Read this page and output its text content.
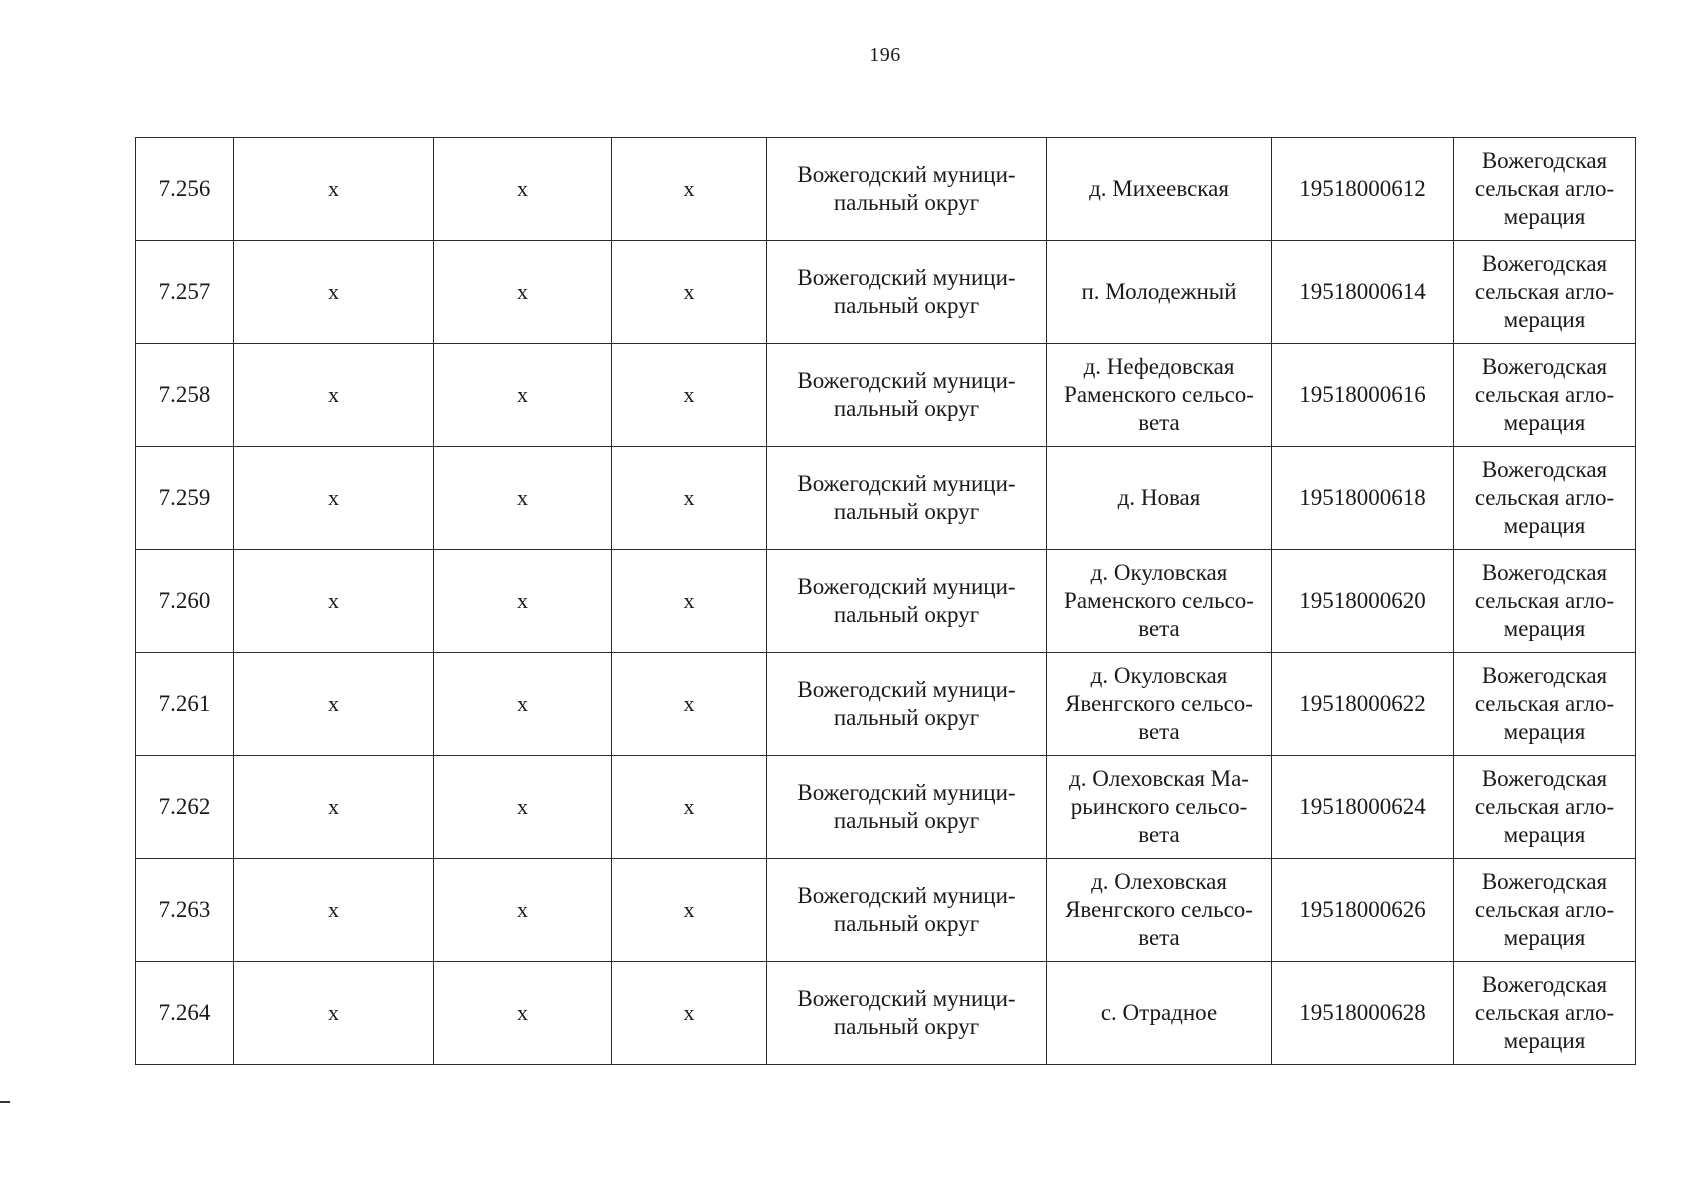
196
7.256	х	х	х	Вожегодский муници-пальный округ	д. Михеевская	19518000612	Вожегодская сельская агло-мерация
7.257	х	х	х	Вожегодский муници-пальный округ	п. Молодежный	19518000614	Вожегодская сельская агло-мерация
7.258	х	х	х	Вожегодский муници-пальный округ	д. Нефедовская Раменского сельсо-вета	19518000616	Вожегодская сельская агло-мерация
7.259	х	х	х	Вожегодский муници-пальный округ	д. Новая	19518000618	Вожегодская сельская агло-мерация
7.260	х	х	х	Вожегодский муници-пальный округ	д. Окуловская Раменского сельсо-вета	19518000620	Вожегодская сельская агло-мерация
7.261	х	х	х	Вожегодский муници-пальный округ	д. Окуловская Явенгского сельсо-вета	19518000622	Вожегодская сельская агло-мерация
7.262	х	х	х	Вожегодский муници-пальный округ	д. Олеховская Ма-рьинского сельсо-вета	19518000624	Вожегодская сельская агло-мерация
7.263	х	х	х	Вожегодский муници-пальный округ	д. Олеховская Явенгского сельсо-вета	19518000626	Вожегодская сельская агло-мерация
7.264	х	х	х	Вожегодский муници-пальный округ	с. Отрадное	19518000628	Вожегодская сельская агло-мерация
